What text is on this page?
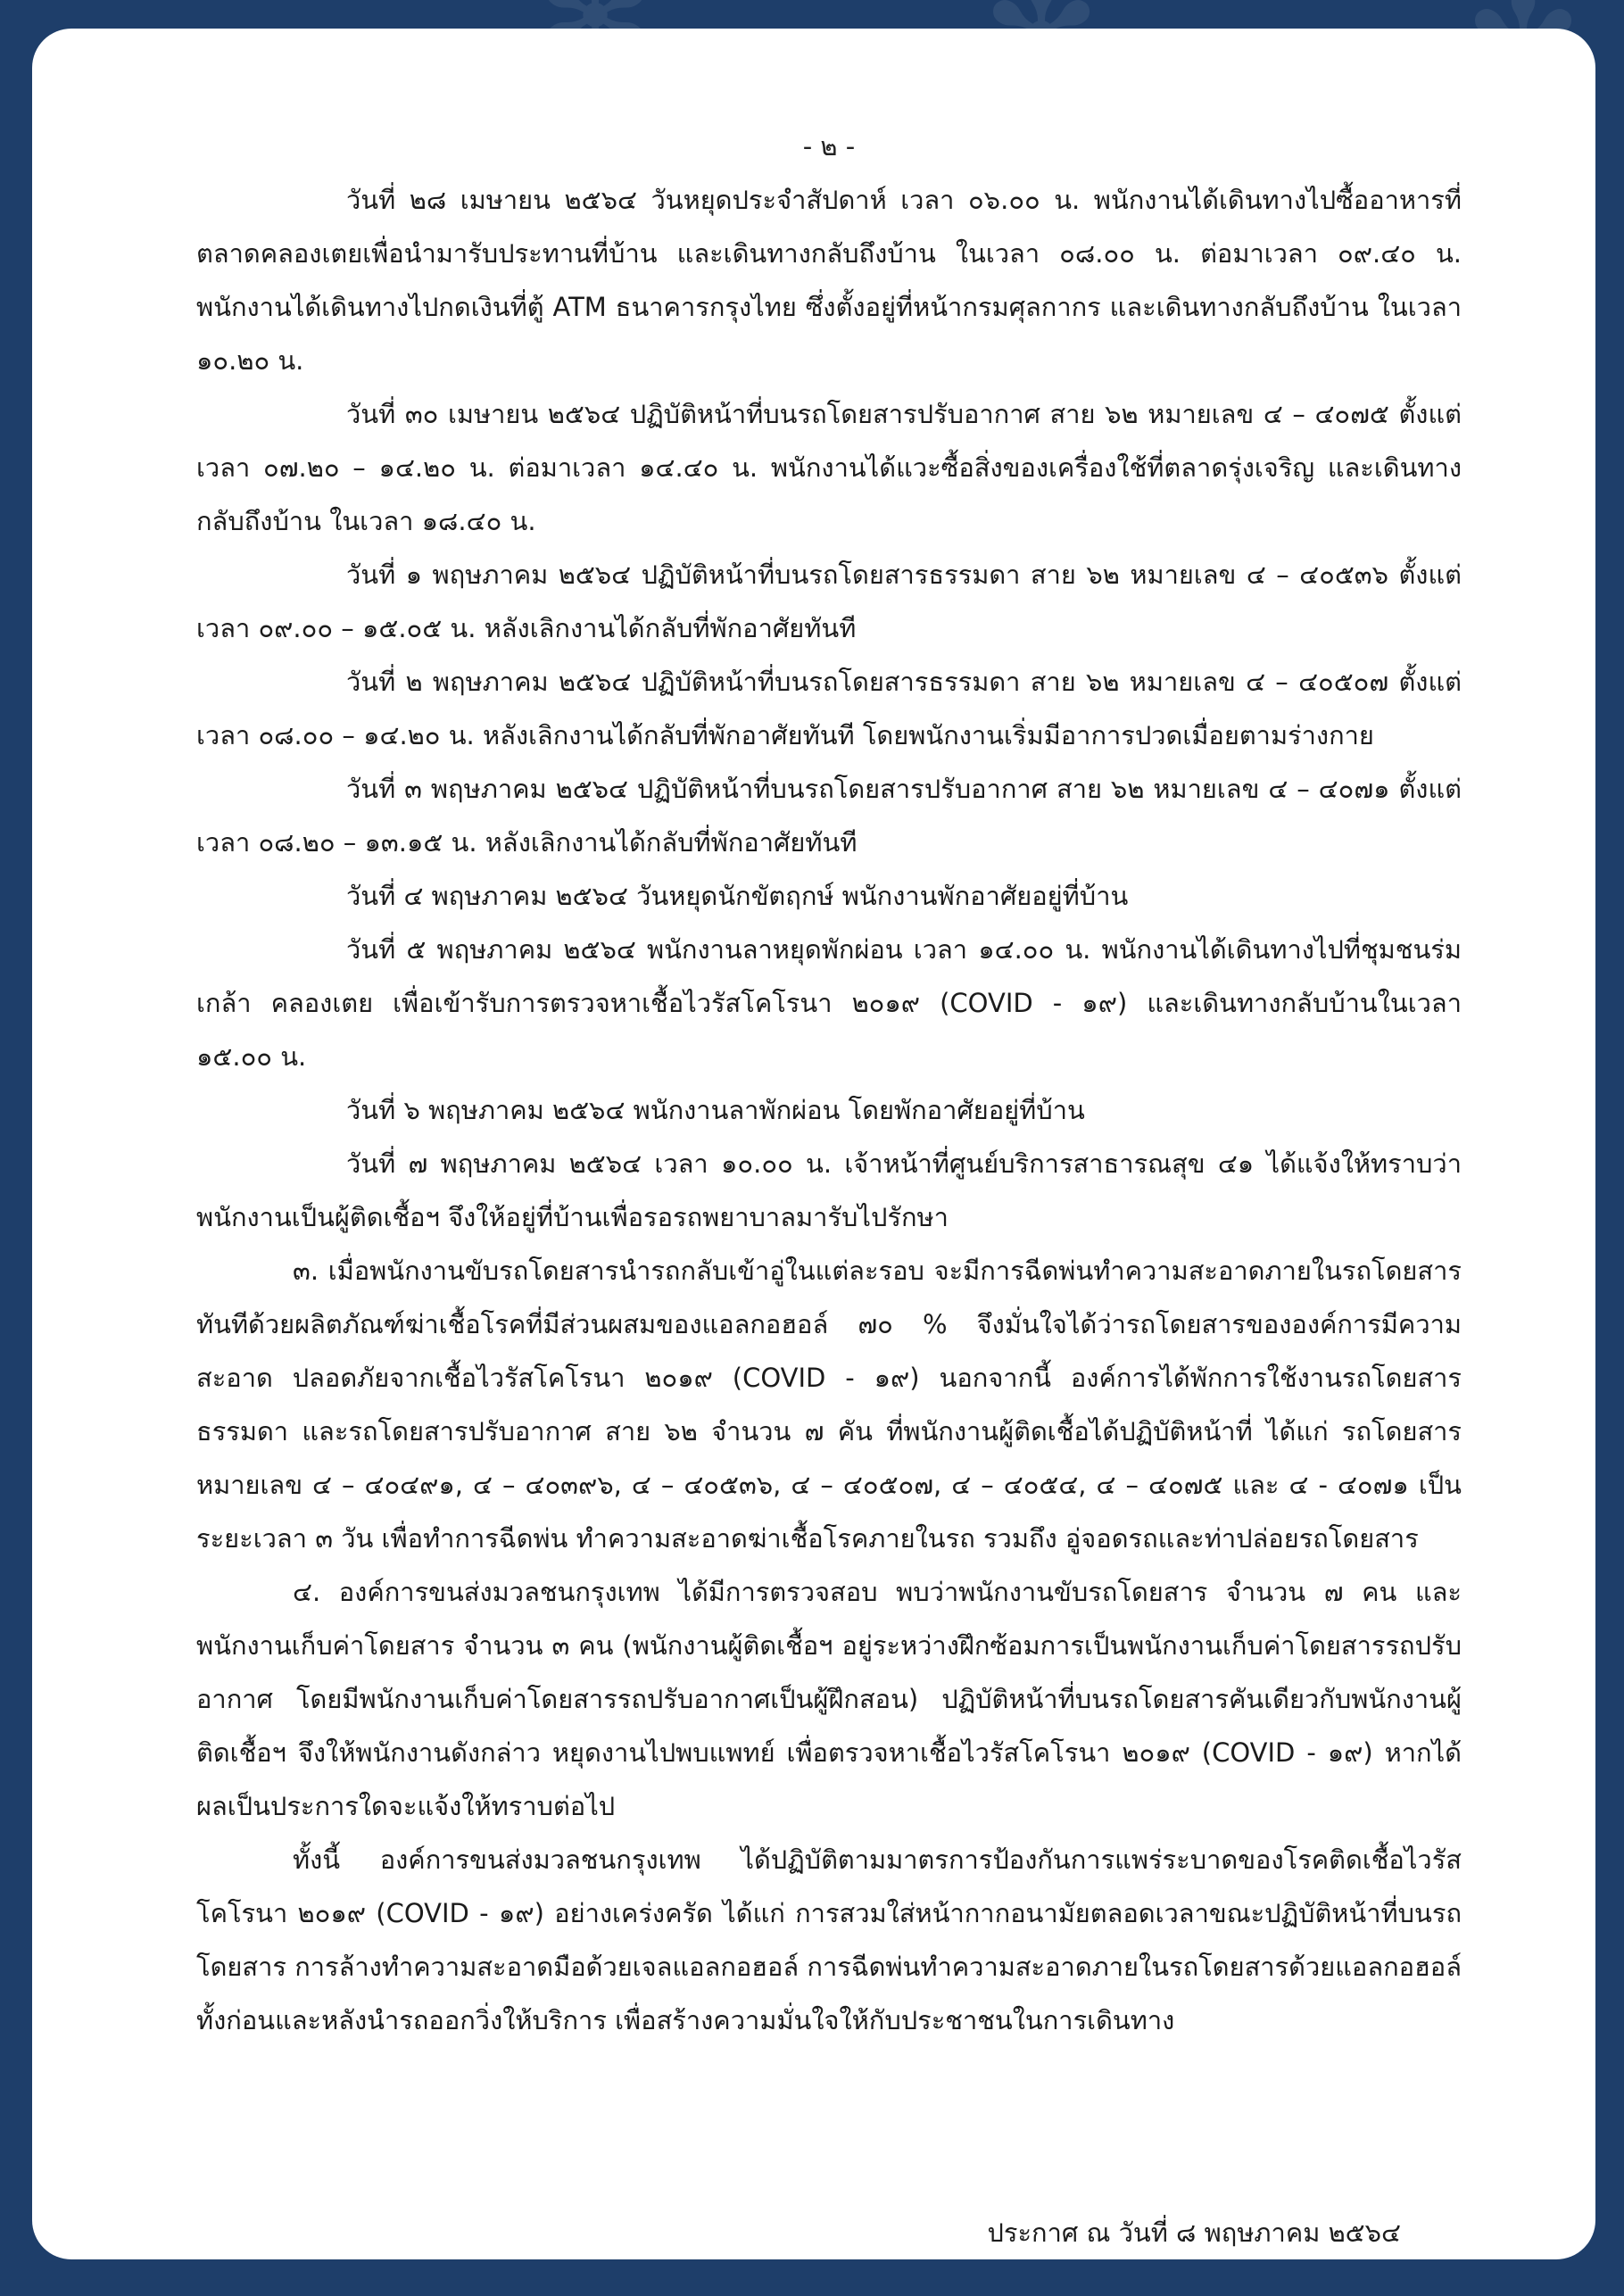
- ๒ -

วันที่ ๒๘ เมษายน ๒๕๖๔ วันหยุดประจำสัปดาห์ เวลา ๐๖.๐๐ น. พนักงานได้เดินทางไปซื้ออาหารที่ตลาดคลองเตยเพื่อนำมารับประทานที่บ้าน และเดินทางกลับถึงบ้าน ในเวลา ๐๘.๐๐ น. ต่อมาเวลา ๐๙.๔๐ น. พนักงานได้เดินทางไปกดเงินที่ตู้ ATM ธนาคารกรุงไทย ซึ่งตั้งอยู่ที่หน้ากรมศุลกากร และเดินทางกลับถึงบ้าน ในเวลา ๑๐.๒๐ น.

วันที่ ๓๐ เมษายน ๒๕๖๔ ปฏิบัติหน้าที่บนรถโดยสารปรับอากาศ สาย ๖๒ หมายเลข ๔ – ๔๐๗๕ ตั้งแต่เวลา ๐๗.๒๐ – ๑๔.๒๐ น. ต่อมาเวลา ๑๔.๔๐ น. พนักงานได้แวะซื้อสิ่งของเครื่องใช้ที่ตลาดรุ่งเจริญ และเดินทางกลับถึงบ้าน ในเวลา ๑๘.๔๐ น.

วันที่ ๑ พฤษภาคม ๒๕๖๔ ปฏิบัติหน้าที่บนรถโดยสารธรรมดา สาย ๖๒ หมายเลข ๔ – ๔๐๕๓๖ ตั้งแต่เวลา ๐๙.๐๐ – ๑๕.๐๕ น. หลังเลิกงานได้กลับที่พักอาศัยทันที

วันที่ ๒ พฤษภาคม ๒๕๖๔ ปฏิบัติหน้าที่บนรถโดยสารธรรมดา สาย ๖๒ หมายเลข ๔ – ๔๐๕๐๗ ตั้งแต่เวลา ๐๘.๐๐ – ๑๔.๒๐ น. หลังเลิกงานได้กลับที่พักอาศัยทันที โดยพนักงานเริ่มมีอาการปวดเมื่อยตามร่างกาย

วันที่ ๓ พฤษภาคม ๒๕๖๔ ปฏิบัติหน้าที่บนรถโดยสารปรับอากาศ สาย ๖๒ หมายเลข ๔ – ๔๐๗๑ ตั้งแต่เวลา ๐๘.๒๐ – ๑๓.๑๕ น. หลังเลิกงานได้กลับที่พักอาศัยทันที

วันที่ ๔ พฤษภาคม ๒๕๖๔ วันหยุดนักขัตฤกษ์ พนักงานพักอาศัยอยู่ที่บ้าน

วันที่ ๕ พฤษภาคม ๒๕๖๔ พนักงานลาหยุดพักผ่อน เวลา ๑๔.๐๐ น. พนักงานได้เดินทางไปที่ชุมชนร่มเกล้า คลองเตย เพื่อเข้ารับการตรวจหาเชื้อไวรัสโคโรนา ๒๐๑๙ (COVID - ๑๙) และเดินทางกลับบ้านในเวลา ๑๕.๐๐ น.

วันที่ ๖ พฤษภาคม ๒๕๖๔ พนักงานลาพักผ่อน โดยพักอาศัยอยู่ที่บ้าน

วันที่ ๗ พฤษภาคม ๒๕๖๔ เวลา ๑๐.๐๐ น. เจ้าหน้าที่ศูนย์บริการสาธารณสุข ๔๑ ได้แจ้งให้ทราบว่า พนักงานเป็นผู้ติดเชื้อฯ จึงให้อยู่ที่บ้านเพื่อรอรถพยาบาลมารับไปรักษา

๓. เมื่อพนักงานขับรถโดยสารนำรถกลับเข้าอู่ในแต่ละรอบ จะมีการฉีดพ่นทำความสะอาดภายในรถโดยสารทันทีด้วยผลิตภัณฑ์ฆ่าเชื้อโรคที่มีส่วนผสมของแอลกอฮอล์ ๗๐ % จึงมั่นใจได้ว่ารถโดยสารขององค์การมีความสะอาด ปลอดภัยจากเชื้อไวรัสโคโรนา ๒๐๑๙ (COVID - ๑๙) นอกจากนี้ องค์การได้พักการใช้งานรถโดยสารธรรมดา และรถโดยสารปรับอากาศ สาย ๖๒ จำนวน ๗ คัน ที่พนักงานผู้ติดเชื้อได้ปฏิบัติหน้าที่ ได้แก่ รถโดยสาร หมายเลข ๔ – ๔๐๔๙๑, ๔ – ๔๐๓๙๖, ๔ – ๔๐๕๓๖, ๔ – ๔๐๕๐๗, ๔ – ๔๐๕๔, ๔ – ๔๐๗๕ และ ๔ - ๔๐๗๑ เป็นระยะเวลา ๓ วัน เพื่อทำการฉีดพ่น ทำความสะอาดฆ่าเชื้อโรคภายในรถ รวมถึง อู่จอดรถและท่าปล่อยรถโดยสาร

๔. องค์การขนส่งมวลชนกรุงเทพ ได้มีการตรวจสอบ พบว่าพนักงานขับรถโดยสาร จำนวน ๗ คน และพนักงานเก็บค่าโดยสาร จำนวน ๓ คน (พนักงานผู้ติดเชื้อฯ อยู่ระหว่างฝึกซ้อมการเป็นพนักงานเก็บค่าโดยสารรถปรับอากาศ โดยมีพนักงานเก็บค่าโดยสารรถปรับอากาศเป็นผู้ฝึกสอน) ปฏิบัติหน้าที่บนรถโดยสารคันเดียวกับพนักงานผู้ติดเชื้อฯ จึงให้พนักงานดังกล่าว หยุดงานไปพบแพทย์ เพื่อตรวจหาเชื้อไวรัสโคโรนา ๒๐๑๙ (COVID - ๑๙) หากได้ผลเป็นประการใดจะแจ้งให้ทราบต่อไป

ทั้งนี้ องค์การขนส่งมวลชนกรุงเทพ ได้ปฏิบัติตามมาตรการป้องกันการแพร่ระบาดของโรคติดเชื้อไวรัสโคโรนา ๒๐๑๙ (COVID - ๑๙) อย่างเคร่งครัด ได้แก่ การสวมใส่หน้ากากอนามัยตลอดเวลาขณะปฏิบัติหน้าที่บนรถโดยสาร การล้างทำความสะอาดมือด้วยเจลแอลกอฮอล์ การฉีดพ่นทำความสะอาดภายในรถโดยสารด้วยแอลกอฮอล์ ทั้งก่อนและหลังนำรถออกวิ่งให้บริการ เพื่อสร้างความมั่นใจให้กับประชาชนในการเดินทาง

ประกาศ ณ วันที่ ๘ พฤษภาคม ๒๕๖๔
